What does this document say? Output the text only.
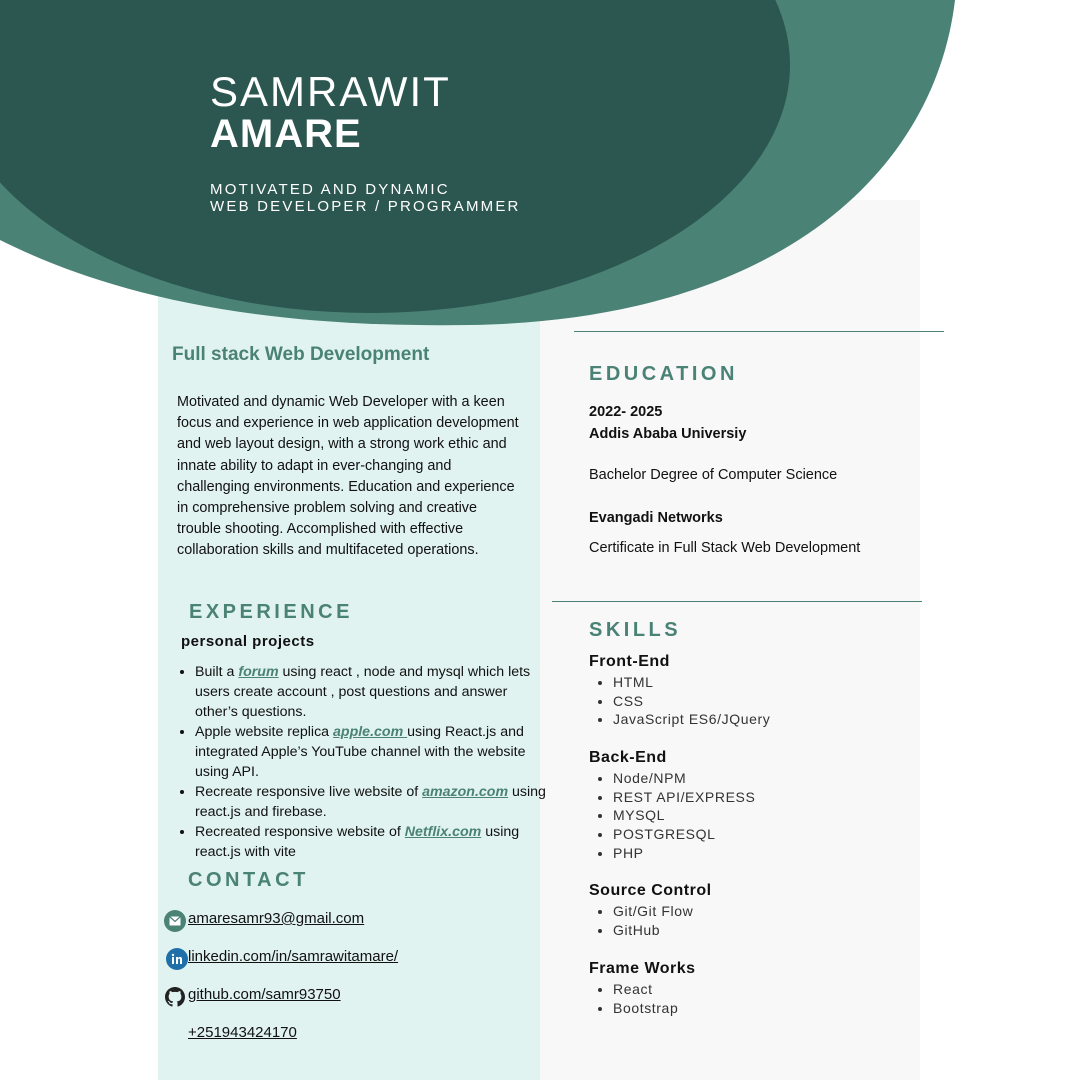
SAMRAWIT
AMARE
MOTIVATED AND DYNAMIC
WEB DEVELOPER / PROGRAMMER
Full stack Web Development
Motivated and dynamic Web Developer with a keen focus and experience in web application development and web layout design, with a strong work ethic and innate ability to adapt in ever-changing and challenging environments. Education and experience in comprehensive problem solving and creative trouble shooting. Accomplished with effective collaboration skills and multifaceted operations.
EXPERIENCE
personal projects
• Built a forum using react , node and mysql which lets users create account , post questions and answer other’s questions.
• Apple website replica apple.com using React.js and integrated Apple’s YouTube channel with the website using API.
• Recreate responsive live website of amazon.com using react.js and firebase.
• Recreated responsive website of Netflix.com using react.js with vite
CONTACT
amaresamr93@gmail.com
linkedin.com/in/samrawitamare/
github.com/samr93750
+251943424170
EDUCATION
2022- 2025
Addis Ababa Universiy
Bachelor Degree of Computer Science
Evangadi Networks
Certificate in Full Stack Web Development
SKILLS
Front-End
• HTML
• CSS
• JavaScript ES6/JQuery
Back-End
• Node/NPM
• REST API/EXPRESS
• MYSQL
• POSTGRESQL
• PHP
Source Control
• Git/Git Flow
• GitHub
Frame Works
• React
• Bootstrap
